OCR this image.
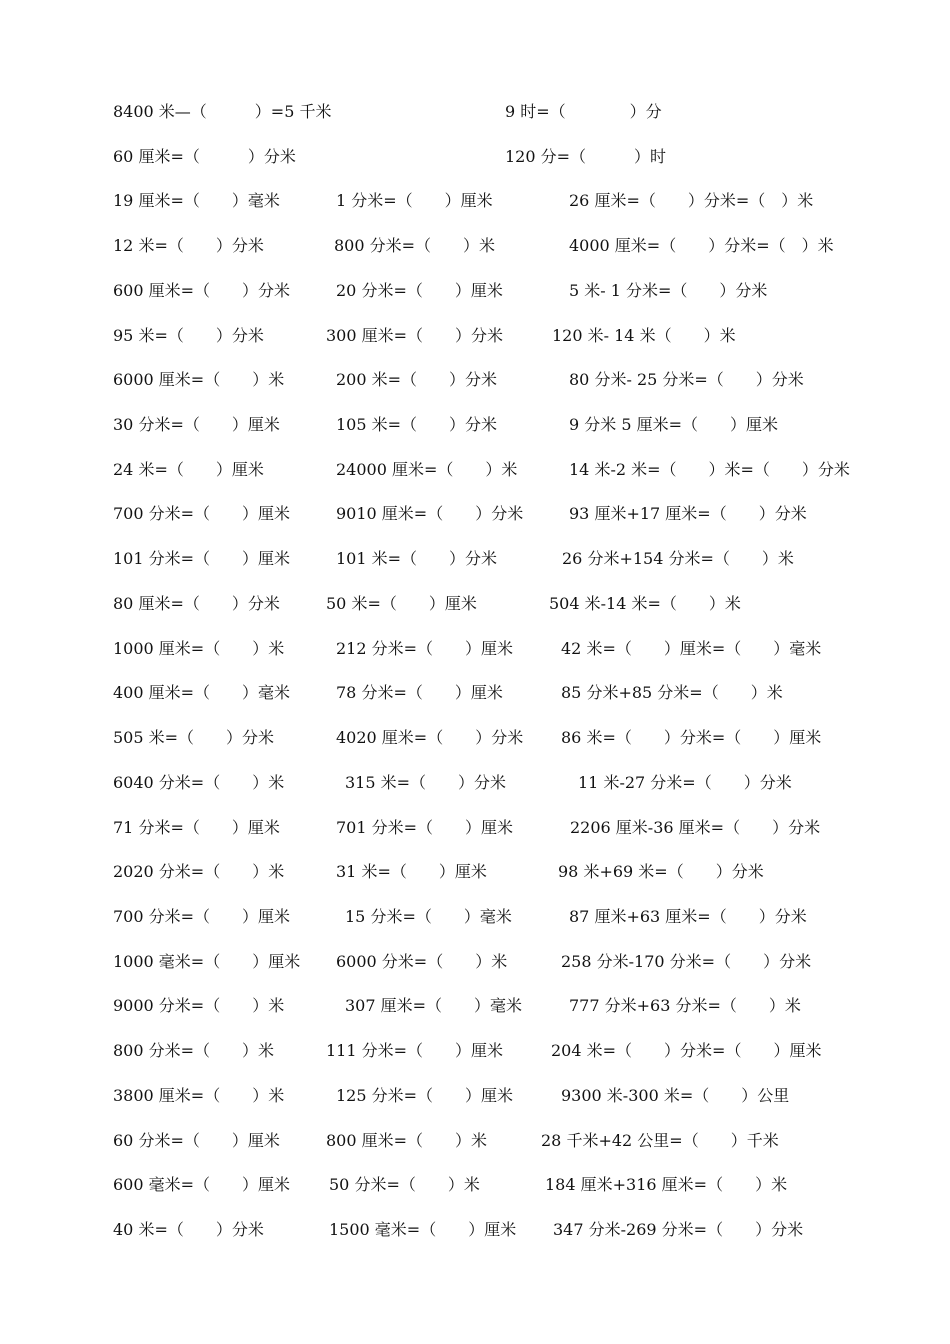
8400 米—（　　　）=5 千米	9 时=（　　　　）分
60 厘米=（　　　）分米	120 分=（　　　）时
19 厘米=（　　）毫米	1 分米=（　　）厘米	26 厘米=（　　）分米=（　）米
12 米=（　　）分米	800 分米=（　　）米	4000 厘米=（　　）分米=（　）米
600 厘米=（　　）分米	20 分米=（　　）厘米	5 米- 1 分米=（　　）分米
95 米=（　　）分米	300 厘米=（　　）分米	120 米- 14 米（　　）米
6000 厘米=（　　）米	200 米=（　　）分米	80 分米- 25 分米=（　　）分米
30 分米=（　　）厘米	105 米=（　　）分米	9 分米 5 厘米=（　　）厘米
24 米=（　　）厘米	24000 厘米=（　　）米	14 米-2 米=（　　）米=（　　）分米
700 分米=（　　）厘米	9010 厘米=（　　）分米	93 厘米+17 厘米=（　　）分米
101 分米=（　　）厘米	101 米=（　　）分米	26 分米+154 分米=（　　）米
80 厘米=（　　）分米	50 米=（　　）厘米	504 米-14 米=（　　）米
1000 厘米=（　　）米	212 分米=（　　）厘米	42 米=（　　）厘米=（　　）毫米
400 厘米=（　　）毫米	78 分米=（　　）厘米	85 分米+85 分米=（　　）米
505 米=（　　）分米	4020 厘米=（　　）分米 86 米=（　　）分米=（　　）厘米
6040 分米=（　　）米	315 米=（　　）分米	11 米-27 分米=（　　）分米
71 分米=（　　）厘米	701 分米=（　　）厘米	2206 厘米-36 厘米=（　　）分米
2020 分米=（　　）米	31 米=（　　）厘米	98 米+69 米=（　　）分米
700 分米=（　　）厘米	15 分米=（　　）毫米	87 厘米+63 厘米=（　　）分米
1000 毫米=（　　）厘米 6000 分米=（　　）米	258 分米-170 分米=（　　）分米
9000 分米=（　　）米	307 厘米=（　　）毫米	777 分米+63 分米=（　　）米
800 分米=（　　）米	111 分米=（　　）厘米	204 米=（　　）分米=（　　）厘米
3800 厘米=（　　）米	125 分米=（　　）厘米	9300 米-300 米=（　　）公里
60 分米=（　　）厘米	800 厘米=（　　）米	28 千米+42 公里=（　　）千米
600 毫米=（　　）厘米 50 分米=（　　）米	184 厘米+316 厘米=（　　）米
40 米=（　　）分米	1500 毫米=（　　）厘米 347 分米-269 分米=（　　）分米
